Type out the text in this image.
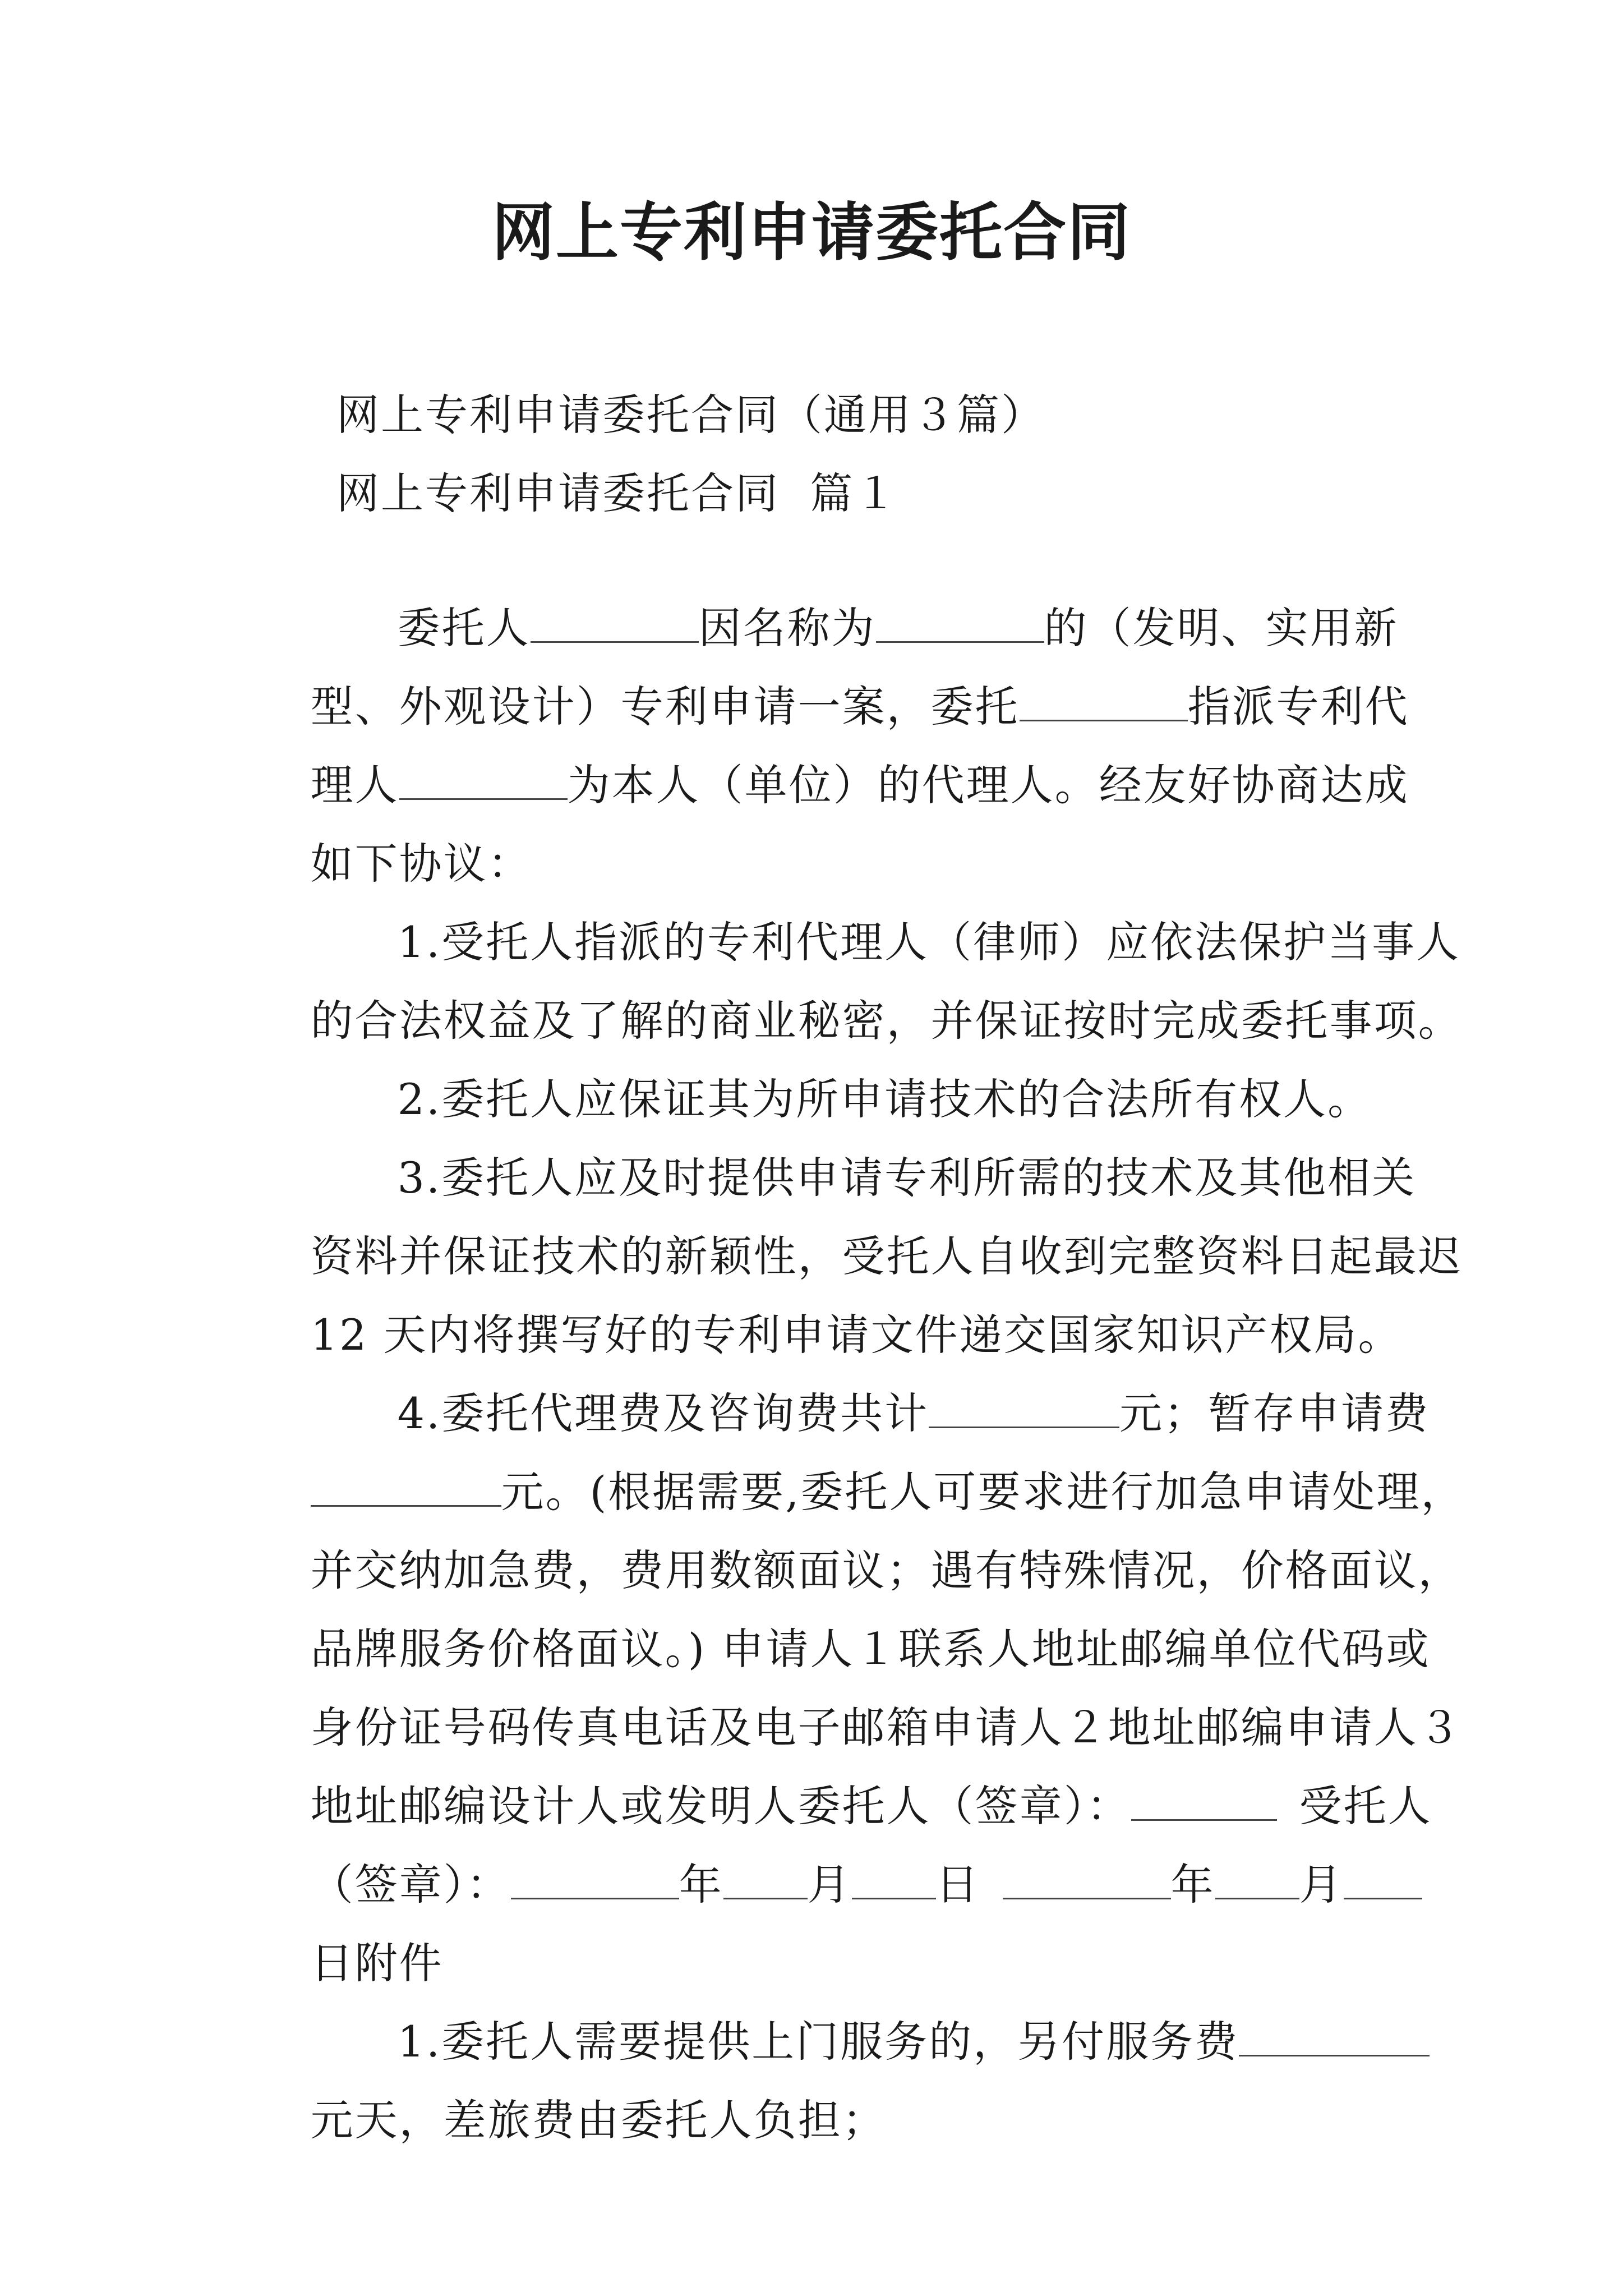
网上专利申请委托合同
网上专利申请委托合同（通用３篇）
网上专利申请委托合同  篇１

委托人	因名称为	的（发明、实用新

型、外观设计）专利申请一案，委托	指派专利代

理人	为本人（单位）的代理人。经友好协商达成

如下协议：

1.受托人指派的专利代理人（律师）应依法保护当事人

的合法权益及了解的商业秘密，并保证按时完成委托事项。

2.委托人应保证其为所申请技术的合法所有权人。

3.委托人应及时提供申请专利所需的技术及其他相关

资料并保证技术的新颖性，受托人自收到完整资料日起最迟

12 天内将撰写好的专利申请文件递交国家知识产权局。

4.委托代理费及咨询费共计	元；暂存申请费

元。(根据需要,委托人可要求进行加急申请处理，

并交纳加急费，费用数额面议；遇有特殊情况，价格面议，

品牌服务价格面议。) 申请人１联系人地址邮编单位代码或

身份证号码传真电话及电子邮箱申请人２地址邮编申请人３

地址邮编设计人或发明人委托人（签章）：	受托人

（签章）：	年 月 日	年 月

日附件

1.委托人需要提供上门服务的，另付服务费

元天，差旅费由委托人负担；
